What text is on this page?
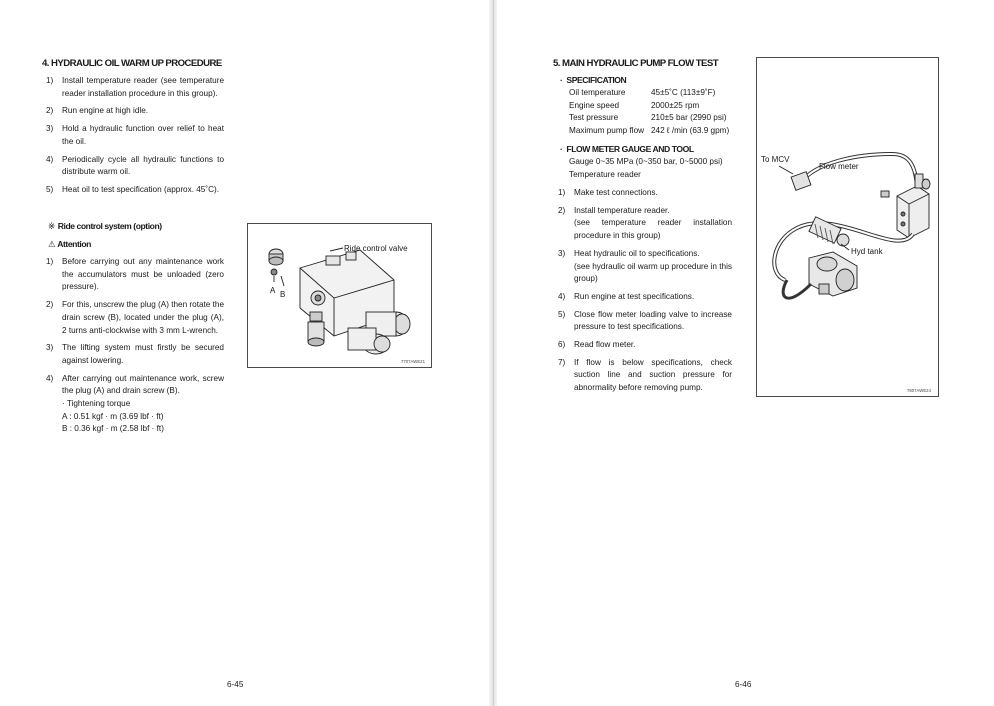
4. HYDRAULIC OIL WARM UP PROCEDURE
1) Install temperature reader (see temperature reader installation procedure in this group).
2) Run engine at high idle.
3) Hold a hydraulic function over relief to heat the oil.
4) Periodically cycle all hydraulic functions to distribute warm oil.
5) Heat oil to test specification (approx. 45˚C).
※ Ride control system (option)
⚠ Attention
1) Before carrying out any maintenance work the accumulators must be unloaded (zero pressure).
2) For this, unscrew the plug (A) then rotate the drain screw (B), located under the plug (A), 2 turns anti-clockwise with 3 mm L-wrench.
3) The lifting system must firstly be secured against lowering.
4) After carrying out maintenance work, screw the plug (A) and drain screw (B).
· Tightening torque
A : 0.51 kgf · m (3.69 lbf · ft)
B : 0.36 kgf · m (2.58 lbf · ft)
Ride control valve
A B
7707AWE21
6-45
5. MAIN HYDRAULIC PUMP FLOW TEST
· SPECIFICATION
Oil temperature	45±5˚C (113±9˚F)
Engine speed	2000±25 rpm
Test pressure	210±5 bar (2990 psi)
Maximum pump flow 242 ℓ /min (63.9 gpm)
· FLOW METER GAUGE AND TOOL
Gauge 0~35 MPa (0~350 bar, 0~5000 psi)
Temperature reader
1) Make test connections.
2) Install temperature reader.
(see temperature reader installation procedure in this group)
3) Heat hydraulic oil to specifications.
(see hydraulic oil warm up procedure in this group)
4) Run engine at test specifications.
5) Close flow meter loading valve to increase pressure to test specifications.
6) Read flow meter.
7) If flow is below specifications, check suction line and suction pressure for abnormality before removing pump.
To MCV
Flow meter
Hyd tank
7807AWE24
6-46
